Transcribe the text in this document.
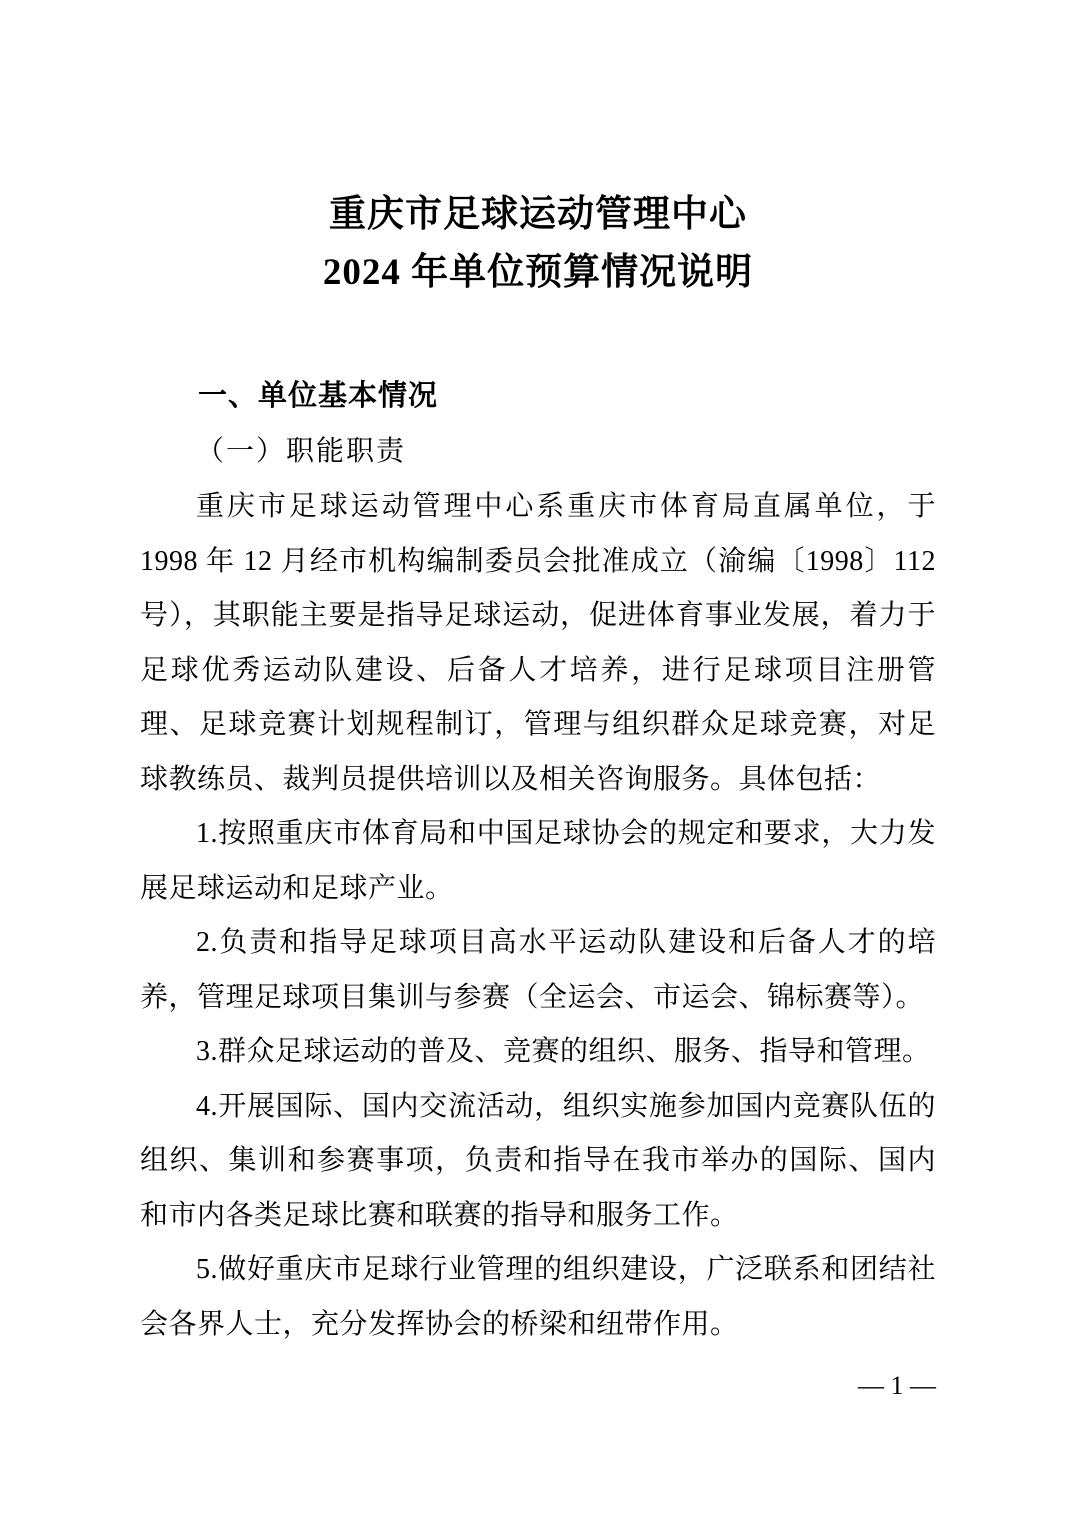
重庆市足球运动管理中心
2024 年单位预算情况说明
一、单位基本情况
（一）职能职责

重庆市足球运动管理中心系重庆市体育局直属单位，于 1998 年 12 月经市机构编制委员会批准成立（渝编〔1998〕112 号），其职能主要是指导足球运动，促进体育事业发展，着力于足球优秀运动队建设、后备人才培养，进行足球项目注册管理、足球竞赛计划规程制订，管理与组织群众足球竞赛，对足球教练员、裁判员提供培训以及相关咨询服务。具体包括：

1.按照重庆市体育局和中国足球协会的规定和要求，大力发展足球运动和足球产业。

2.负责和指导足球项目高水平运动队建设和后备人才的培养，管理足球项目集训与参赛（全运会、市运会、锦标赛等）。

3.群众足球运动的普及、竞赛的组织、服务、指导和管理。

4.开展国际、国内交流活动，组织实施参加国内竞赛队伍的组织、集训和参赛事项，负责和指导在我市举办的国际、国内和市内各类足球比赛和联赛的指导和服务工作。

5.做好重庆市足球行业管理的组织建设，广泛联系和团结社会各界人士，充分发挥协会的桥梁和纽带作用。

— 1 —
